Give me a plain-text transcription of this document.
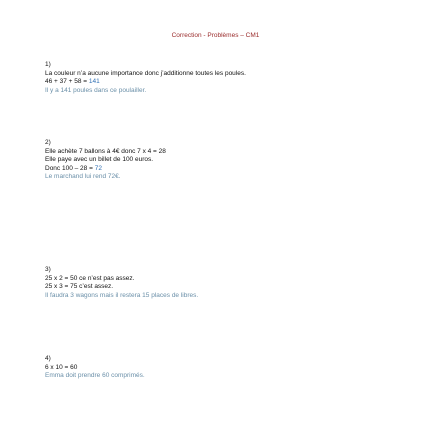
Correction - Problèmes – CM1
1)
La couleur n’a aucune importance donc j’additionne toutes les poules.
46 + 37 + 58 = 141
Il y a 141 poules dans ce poulailler.
2)
Elle achète 7 ballons à 4€ donc 7 x 4 = 28
Elle paye avec un billet de 100 euros.
Donc 100 – 28 = 72
Le marchand lui rend 72€.
3)
25 x 2 = 50 ce n’est pas assez.
25 x 3 = 75 c’est assez.
Il faudra 3 wagons mais il restera 15 places de libres.
4)
6 x 10 = 60
Emma doit prendre 60 comprimés.
